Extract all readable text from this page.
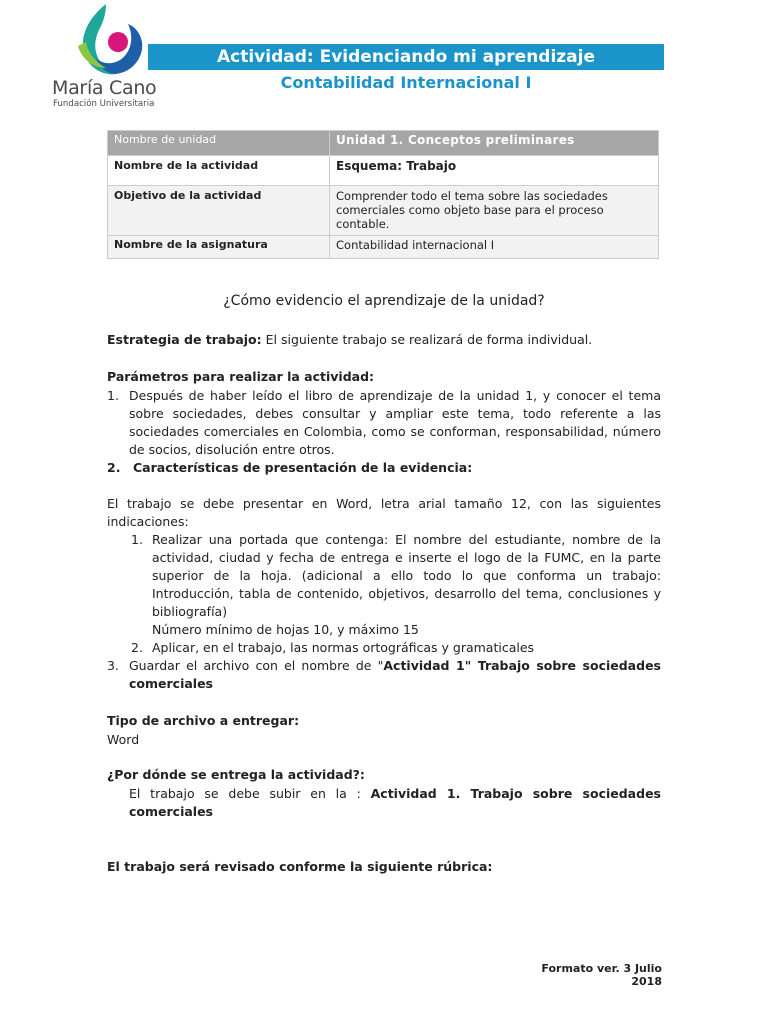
María Cano
Fundación Universitaria
Actividad: Evidenciando mi aprendizaje
Contabilidad Internacional I
Nombre de unidad	Unidad 1. Conceptos preliminares
Nombre de la actividad	Esquema: Trabajo
Objetivo de la actividad	Comprender todo el tema sobre las sociedades comerciales como objeto base para el proceso contable.
Nombre de la asignatura	Contabilidad internacional I
¿Cómo evidencio el aprendizaje de la unidad?
Estrategia de trabajo: El siguiente trabajo se realizará de forma individual.
Parámetros para realizar la actividad:
1. Después de haber leído el libro de aprendizaje de la unidad 1, y conocer el tema sobre sociedades, debes consultar y ampliar este tema, todo referente a las sociedades comerciales en Colombia, como se conforman, responsabilidad, número de socios, disolución entre otros.
2. Características de presentación de la evidencia:
El trabajo se debe presentar en Word, letra arial tamaño 12, con las siguientes indicaciones:
1. Realizar una portada que contenga: El nombre del estudiante, nombre de la actividad, ciudad y fecha de entrega e inserte el logo de la FUMC, en la parte superior de la hoja. (adicional a ello todo lo que conforma un trabajo: Introducción, tabla de contenido, objetivos, desarrollo del tema, conclusiones y bibliografía)
Número mínimo de hojas 10, y máximo 15
2. Aplicar, en el trabajo, las normas ortográficas y gramaticales
3. Guardar el archivo con el nombre de "Actividad 1" Trabajo sobre sociedades comerciales
Tipo de archivo a entregar:
Word
¿Por dónde se entrega la actividad?:
El trabajo se debe subir en la : Actividad 1. Trabajo sobre sociedades comerciales
El trabajo será revisado conforme la siguiente rúbrica:
Formato ver. 3 Julio 2018
